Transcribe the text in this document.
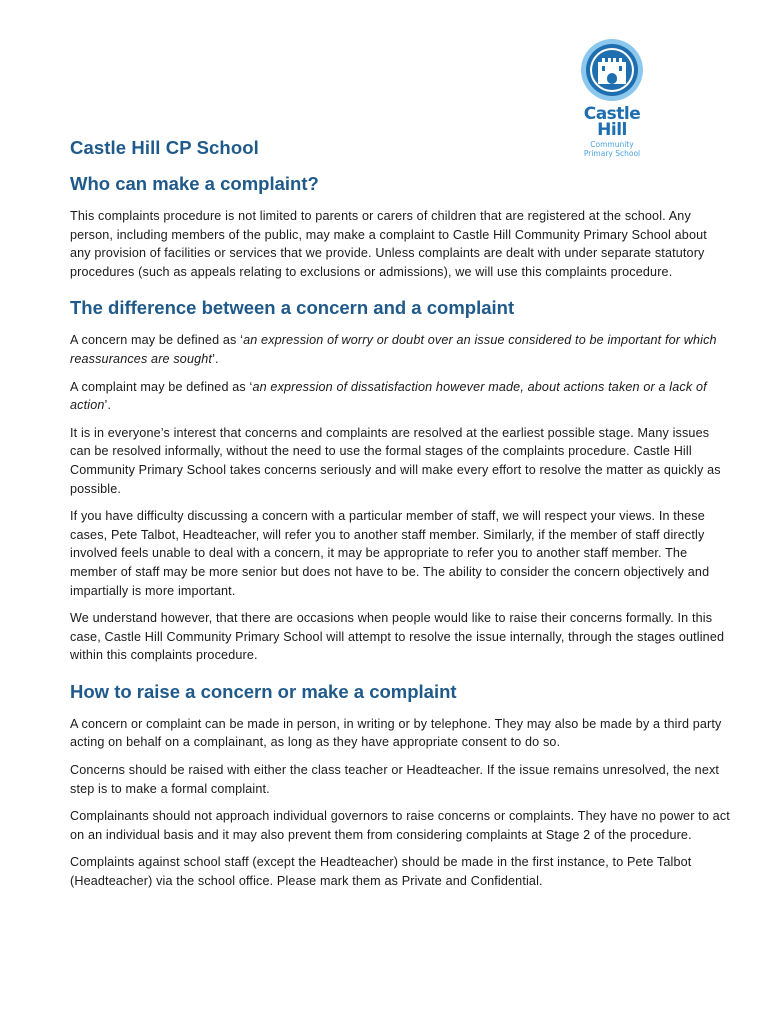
Castle
Hill
Community
Primary School
Castle Hill CP School
Who can make a complaint?

This complaints procedure is not limited to parents or carers of children that are registered at the school. Any person, including members of the public, may make a complaint to Castle Hill Community Primary School about any provision of facilities or services that we provide. Unless complaints are dealt with under separate statutory procedures (such as appeals relating to exclusions or admissions), we will use this complaints procedure.

The difference between a concern and a complaint

A concern may be defined as ‘an expression of worry or doubt over an issue considered to be important for which reassurances are sought’.

A complaint may be defined as ‘an expression of dissatisfaction however made, about actions taken or a lack of action’.

It is in everyone’s interest that concerns and complaints are resolved at the earliest possible stage. Many issues can be resolved informally, without the need to use the formal stages of the complaints procedure. Castle Hill Community Primary School takes concerns seriously and will make every effort to resolve the matter as quickly as possible.

If you have difficulty discussing a concern with a particular member of staff, we will respect your views. In these cases, Pete Talbot, Headteacher, will refer you to another staff member. Similarly, if the member of staff directly involved feels unable to deal with a concern, it may be appropriate to refer you to another staff member. The member of staff may be more senior but does not have to be. The ability to consider the concern objectively and impartially is more important.

We understand however, that there are occasions when people would like to raise their concerns formally. In this case, Castle Hill Community Primary School will attempt to resolve the issue internally, through the stages outlined within this complaints procedure.

How to raise a concern or make a complaint

A concern or complaint can be made in person, in writing or by telephone. They may also be made by a third party acting on behalf on a complainant, as long as they have appropriate consent to do so.

Concerns should be raised with either the class teacher or Headteacher. If the issue remains unresolved, the next step is to make a formal complaint.

Complainants should not approach individual governors to raise concerns or complaints. They have no power to act on an individual basis and it may also prevent them from considering complaints at Stage 2 of the procedure.

Complaints against school staff (except the Headteacher) should be made in the first instance, to Pete Talbot (Headteacher) via the school office. Please mark them as Private and Confidential.
